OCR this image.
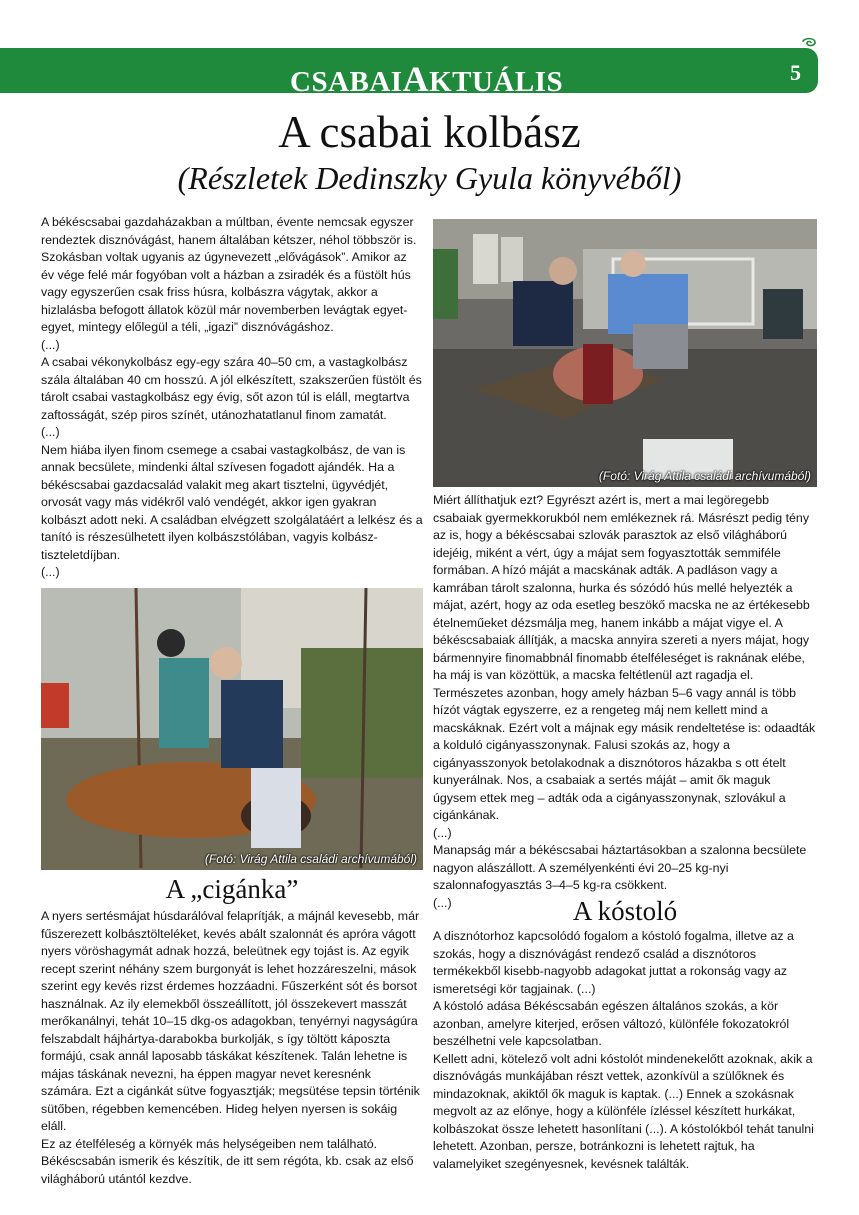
CSABAIAKTUÁLIS	5
A csabai kolbász
(Részletek Dedinszky Gyula könyvéből)

A békéscsabai gazdaházakban a múltban, évente nemcsak egyszer rendeztek disznóvágást, hanem általában kétszer, néhol többször is. Szokásban voltak ugyanis az úgynevezett „elővágások”. Amikor az év vége felé már fogyóban volt a házban a zsiradék és a füstölt hús vagy egyszerűen csak friss húsra, kolbászra vágytak, akkor a hizlalásba befogott állatok közül már novemberben levágtak egyet-egyet, mintegy előlegül a téli, „igazi” disznóvágáshoz.

(...)

A csabai vékonykolbász egy-egy szára 40–50 cm, a vastagkolbász szála általában 40 cm hosszú. A jól elkészített, szakszerűen füstölt és tárolt csabai vastagkolbász egy évig, sőt azon túl is eláll, megtartva zaftosságát, szép piros színét, utánozhatatlanul finom zamatát.

(...)

Nem hiába ilyen finom csemege a csabai vastagkolbász, de van is annak becsülete, mindenki által szívesen fogadott ajándék. Ha a békéscsabai gazdacsalád valakit meg akart tisztelni, ügyvédjét, orvosát vagy más vidékről való vendégét, akkor igen gyakran kolbászt adott neki. A családban elvégzett szolgálatáért a lelkész és a tanító is részesülhetett ilyen kolbászstólában, vagyis kolbász-tiszteletdíjban.

(...)

(Fotó: Virág Attila családi archívumából)
A „cigánka”

A nyers sertésmájat húsdarálóval felaprítják, a májnál kevesebb, már fűszerezett kolbásztölteléket, kevés abált szalonnát és apróra vágott nyers vöröshagymát adnak hozzá, beleütnek egy tojást is. Az egyik recept szerint néhány szem burgonyát is lehet hozzáreszelni, mások szerint egy kevés rizst érdemes hozzáadni. Fűszerként sót és borsot használnak. Az ily elemekből összeállított, jól összekevert masszát merőkanálnyi, tehát 10–15 dkg-os adagokban, tenyérnyi nagyságúra felszabdalt hájhártya-darabokba burkolják, s így töltött káposzta formájú, csak annál laposabb táskákat készítenek. Talán lehetne is májas táskának nevezni, ha éppen magyar nevet keresnénk számára. Ezt a cigánkát sütve fogyasztják; megsütése tepsin történik sütőben, régebben kemencében. Hideg helyen nyersen is sokáig eláll.

Ez az ételféleség a környék más helységeiben nem található. Békéscsabán ismerik és készítik, de itt sem régóta, kb. csak az első világháború utántól kezdve.

(Fotó: Virág Attila családi archívumából)

Miért állíthatjuk ezt? Egyrészt azért is, mert a mai legöregebb csabaiak gyermekkorukból nem emlékeznek rá. Másrészt pedig tény az is, hogy a békéscsabai szlovák parasztok az első világháború idejéig, miként a vért, úgy a májat sem fogyasztották semmiféle formában. A hízó máját a macskának adták. A padláson vagy a kamrában tárolt szalonna, hurka és sózódó hús mellé helyezték a májat, azért, hogy az oda esetleg beszökő macska ne az értékesebb ételneműeket dézsmálja meg, hanem inkább a májat vigye el. A békéscsabaiak állítják, a macska annyira szereti a nyers májat, hogy bármennyire finomabbnál finomabb ételféleséget is raknának elébe, ha máj is van közöttük, a macska feltétlenül azt ragadja el. Természetes azonban, hogy amely házban 5–6 vagy annál is több hízót vágtak egyszerre, ez a rengeteg máj nem kellett mind a macskáknak. Ezért volt a májnak egy másik rendeltetése is: odaadták a kolduló cigányasszonynak. Falusi szokás az, hogy a cigányasszonyok betolakodnak a disznótoros házakba s ott ételt kunyerálnak. Nos, a csabaiak a sertés máját – amit ők maguk úgysem ettek meg – adták oda a cigányasszonynak, szlovákul a cigánkának.

(...)

Manapság már a békéscsabai háztartásokban a szalonna becsülete nagyon alászállott. A személyenkénti évi 20–25 kg-nyi szalonnafogyasztás 3–4–5 kg-ra csökkent.

(...)	A kóstoló

A disznótorhoz kapcsolódó fogalom a kóstoló fogalma, illetve az a szokás, hogy a disznóvágást rendező család a disznótoros termékekből kisebb-nagyobb adagokat juttat a rokonság vagy az ismeretségi kör tagjainak. (...)

A kóstoló adása Békéscsabán egészen általános szokás, a kör azonban, amelyre kiterjed, erősen változó, különféle fokozatokról beszélhetni vele kapcsolatban.

Kellett adni, kötelező volt adni kóstolót mindenekelőtt azoknak, akik a disznóvágás munkájában részt vettek, azonkívül a szülőknek és mindazoknak, akiktől ők maguk is kaptak. (...) Ennek a szokásnak megvolt az az előnye, hogy a különféle ízléssel készített hurkákat, kolbászokat össze lehetett hasonlítani (...). A kóstolókból tehát tanulni lehetett. Azonban, persze, botránkozni is lehetett rajtuk, ha valamelyiket szegényesnek, kevésnek találták.
